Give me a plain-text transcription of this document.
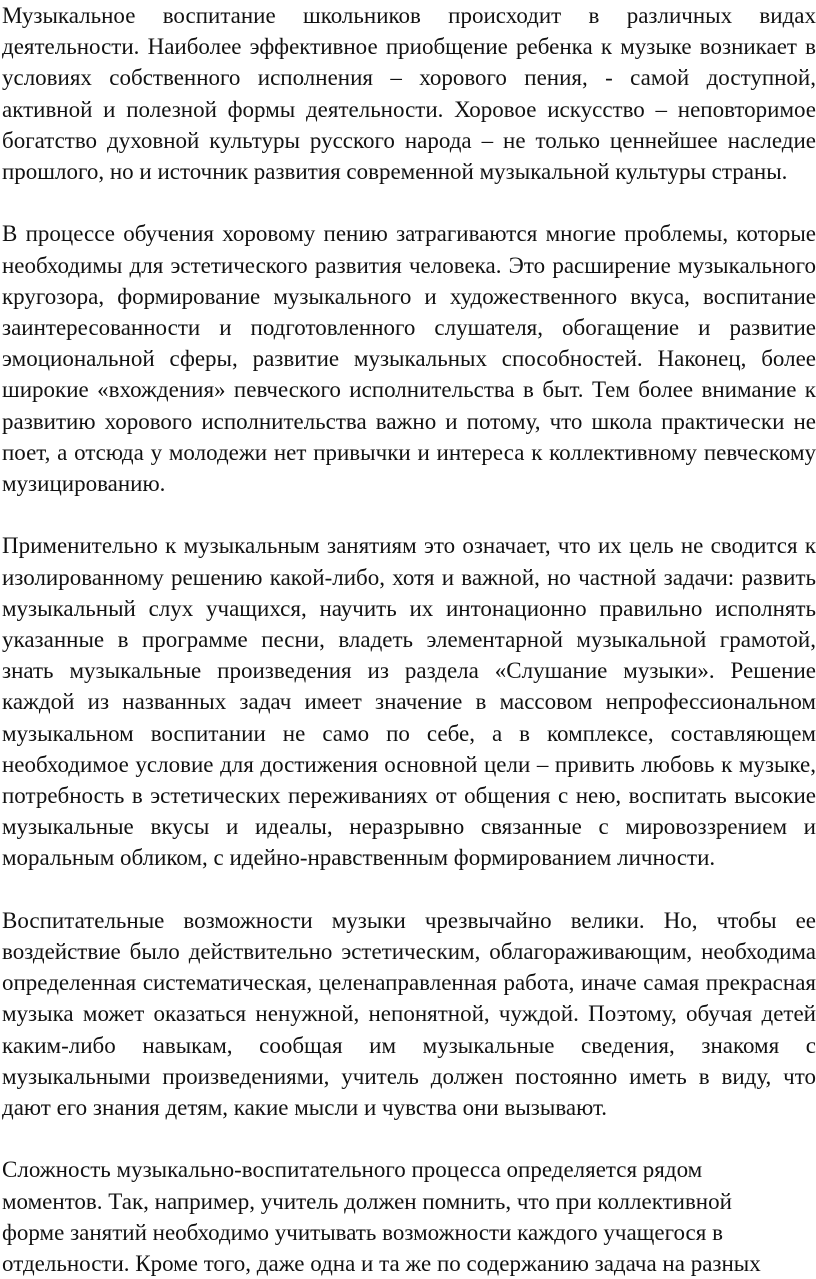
Музыкальное воспитание школьников происходит в различных видах деятельности. Наиболее эффективное приобщение ребенка к музыке возникает в условиях собственного исполнения – хорового пения, - самой доступной, активной и полезной формы деятельности. Хоровое искусство – неповторимое богатство духовной культуры русского народа – не только ценнейшее наследие прошлого, но и источник развития современной музыкальной культуры страны.

В процессе обучения хоровому пению затрагиваются многие проблемы, которые необходимы для эстетического развития человека. Это расширение музыкального кругозора, формирование музыкального и художественного вкуса, воспитание заинтересованности и подготовленного слушателя, обогащение и развитие эмоциональной сферы, развитие музыкальных способностей. Наконец, более широкие «вхождения» певческого исполнительства в быт. Тем более внимание к развитию хорового исполнительства важно и потому, что школа практически не поет, а отсюда у молодежи нет привычки и интереса к коллективному певческому музицированию.

Применительно к музыкальным занятиям это означает, что их цель не сводится к изолированному решению какой-либо, хотя и важной, но частной задачи: развить музыкальный слух учащихся, научить их интонационно правильно исполнять указанные в программе песни, владеть элементарной музыкальной грамотой, знать музыкальные произведения из раздела «Слушание музыки». Решение каждой из названных задач имеет значение в массовом непрофессиональном музыкальном воспитании не само по себе, а в комплексе, составляющем необходимое условие для достижения основной цели – привить любовь к музыке, потребность в эстетических переживаниях от общения с нею, воспитать высокие музыкальные вкусы и идеалы, неразрывно связанные с мировоззрением и моральным обликом, с идейно-нравственным формированием личности.

Воспитательные возможности музыки чрезвычайно велики. Но, чтобы ее воздействие было действительно эстетическим, облагораживающим, необходима определенная систематическая, целенаправленная работа, иначе самая прекрасная музыка может оказаться ненужной, непонятной, чуждой. Поэтому, обучая детей каким-либо навыкам, сообщая им музыкальные сведения, знакомя с музыкальными произведениями, учитель должен постоянно иметь в виду, что дают его знания детям, какие мысли и чувства они вызывают.

Сложность музыкально-воспитательного процесса определяется рядом моментов. Так, например, учитель должен помнить, что при коллективной форме занятий необходимо учитывать возможности каждого учащегося в отдельности. Кроме того, даже одна и та же по содержанию задача на разных
